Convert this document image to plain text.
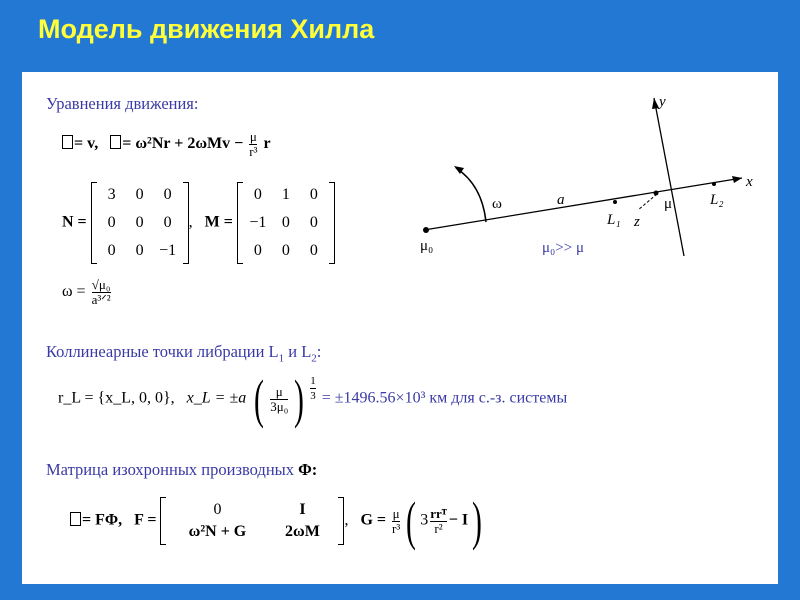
Модель движения Хилла
Уравнения движения:
= v, = $\omega^2Nr + 2\omega Mv - \frac{\mu}{\text{r³}}$ r
N =
3	0	0
0	0	0
0	0 −1
,   M =
0	1	0
−1 0	0
0	0	0
$\omega = \frac{\text{√μ₀}}{\text{a³ᐟ²}}$
y
x
a
ω	μ
μ₀
L₁
L₂
z
μ₀>> μ
Коллинеарные точки либрации $L_1$ и $L_2$:
r_L = {x_L, 0, 0}, x_L = ±a ( $\frac{\mu}{\text{3μ₀}}$ ) $\frac{1}{3} = \pm 1496.56\times 10^3$ км для с.-з. системы
Матрица изохронных производных Φ:
= FΦ, F =
0	I
ω²N + G	2ωM
,   $G = \frac{\mu}{\text{r³}}$ ( $3 \frac{\text{rrᵀ}}{\text{r²}} - I$)
